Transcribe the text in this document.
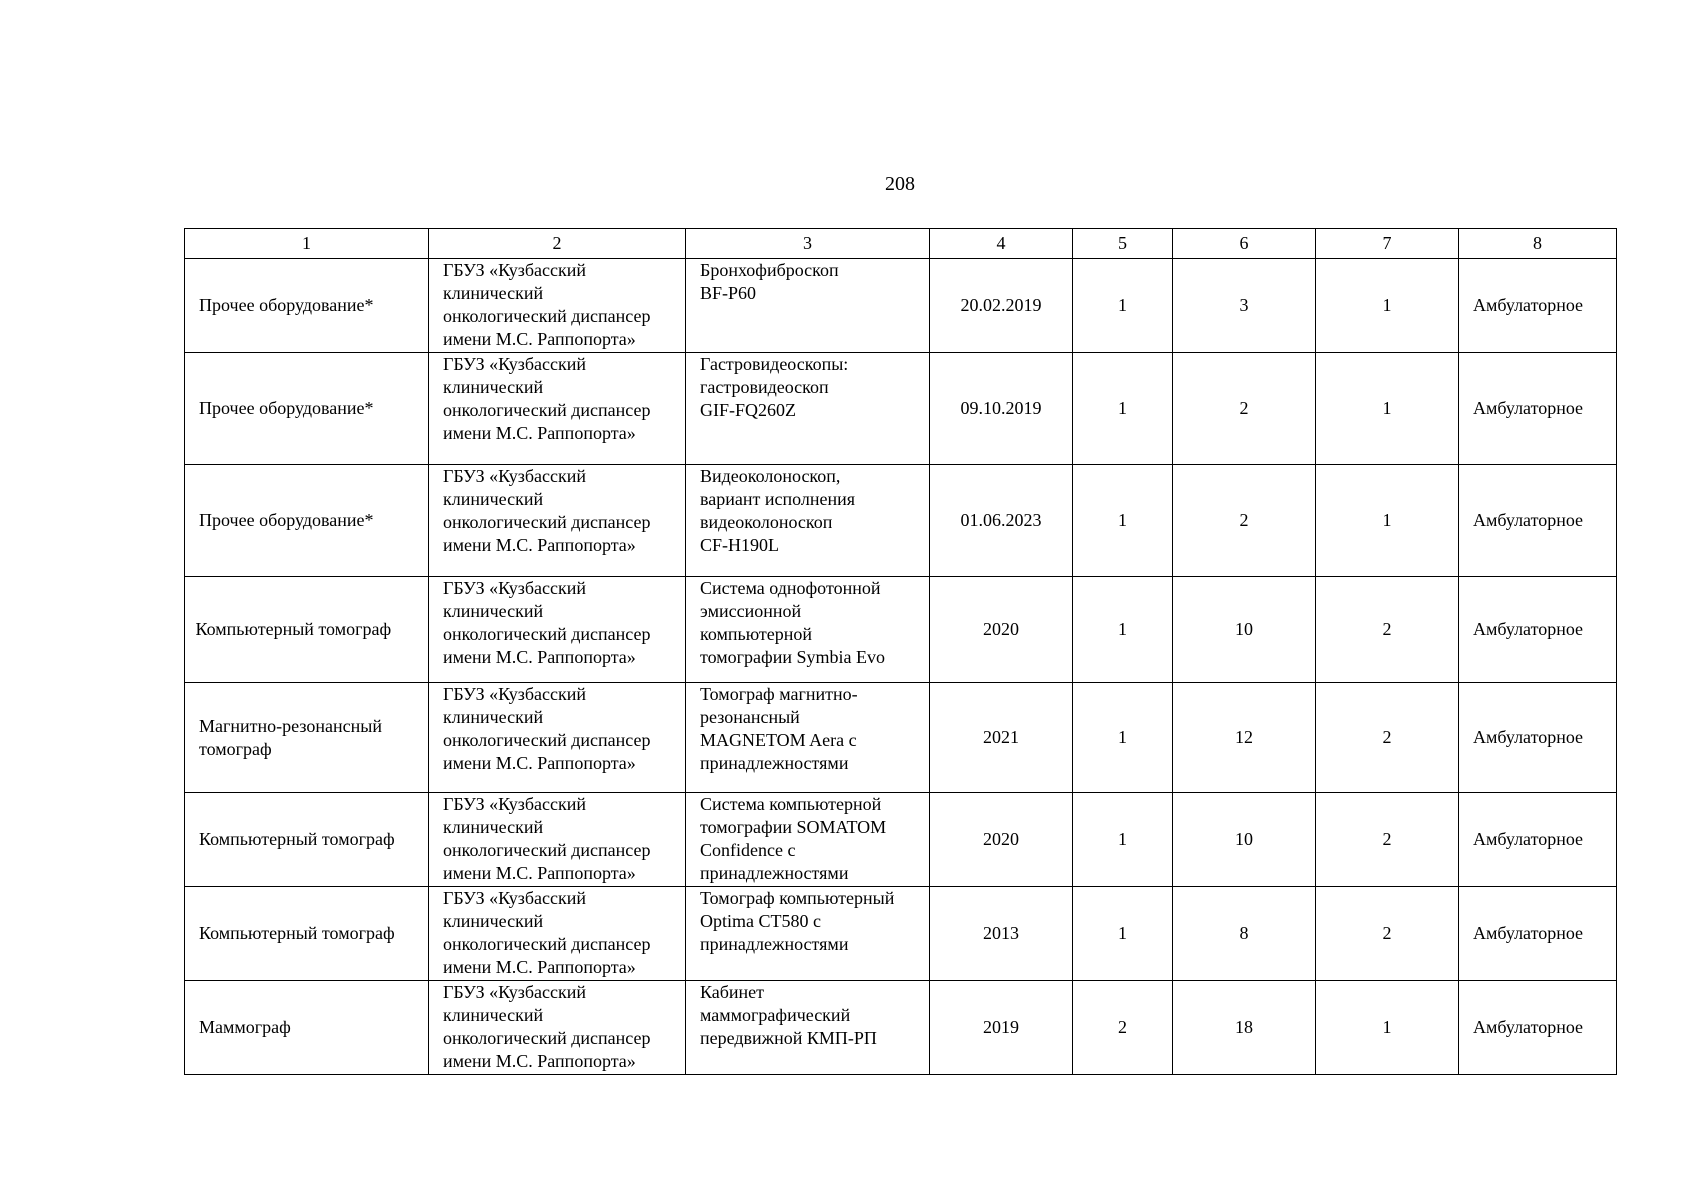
208
1	2	3	4	5	6	7	8
Прочее оборудование*	ГБУЗ «Кузбасский
клинический
онкологический диспансер
имени М.С. Раппопорта»	Бронхофиброскоп
BF-P60	20.02.2019	1	3	1	Амбулаторное
Прочее оборудование*	ГБУЗ «Кузбасский
клинический
онкологический диспансер
имени М.С. Раппопорта»	Гастровидеоскопы:
гастровидеоскоп
GIF-FQ260Z	09.10.2019	1	2	1	Амбулаторное
Прочее оборудование*	ГБУЗ «Кузбасский
клинический
онкологический диспансер
имени М.С. Раппопорта»	Видеоколоноскоп,
вариант исполнения
видеоколоноскоп
CF-H190L	01.06.2023	1	2	1	Амбулаторное
Компьютерный томограф	ГБУЗ «Кузбасский
клинический
онкологический диспансер
имени М.С. Раппопорта»	Система однофотонной
эмиссионной
компьютерной
томографии Symbia Evo	2020	1	10	2	Амбулаторное
Магнитно-резонансный
томограф	ГБУЗ «Кузбасский
клинический
онкологический диспансер
имени М.С. Раппопорта»	Томограф магнитно-
резонансный
MAGNETOM Aera с
принадлежностями	2021	1	12	2	Амбулаторное
Компьютерный томограф	ГБУЗ «Кузбасский
клинический
онкологический диспансер
имени М.С. Раппопорта»	Система компьютерной
томографии SOMATOM
Confidence с
принадлежностями	2020	1	10	2	Амбулаторное
Компьютерный томограф	ГБУЗ «Кузбасский
клинический
онкологический диспансер
имени М.С. Раппопорта»	Томограф компьютерный
Optima CT580 с
принадлежностями	2013	1	8	2	Амбулаторное
Маммограф	ГБУЗ «Кузбасский
клинический
онкологический диспансер
имени М.С. Раппопорта»	Кабинет
маммографический
передвижной КМП-РП	2019	2	18	1	Амбулаторное
